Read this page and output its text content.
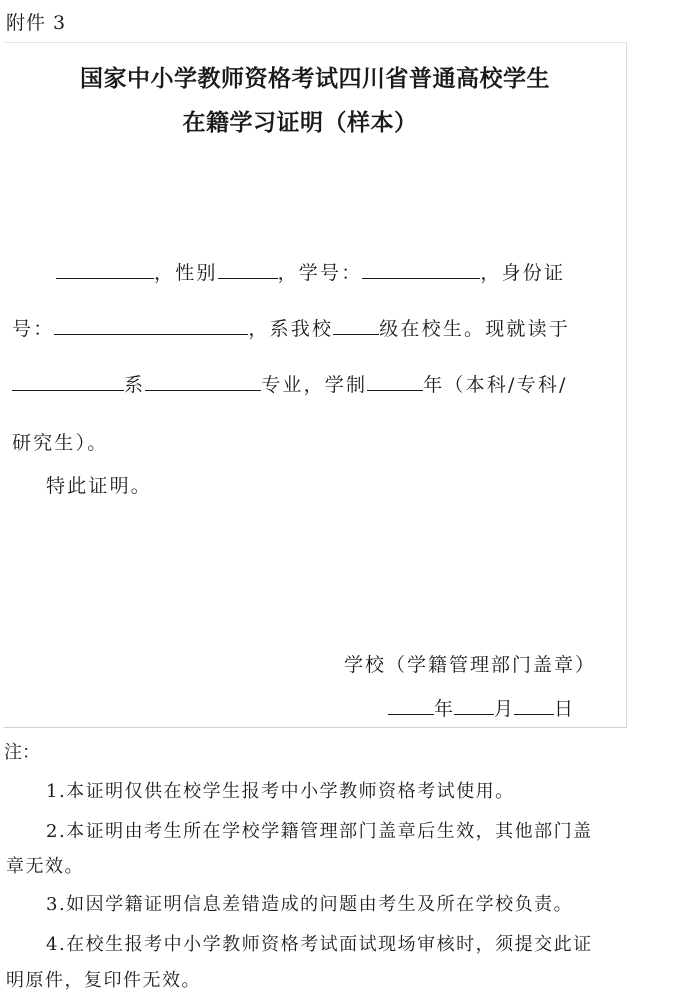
附件 3
国家中小学教师资格考试四川省普通高校学生
在籍学习证明（样本）
，性别	，学号：	，身份证
号：	，系我校 级在校生。现就读于
系	专业，学制	年（本科/专科/
研究生）。
特此证明。
学校（学籍管理部门盖章）
年 月 日
注：
1.本证明仅供在校学生报考中小学教师资格考试使用。
2.本证明由考生所在学校学籍管理部门盖章后生效，其他部门盖
章无效。
3.如因学籍证明信息差错造成的问题由考生及所在学校负责。
4.在校生报考中小学教师资格考试面试现场审核时，须提交此证
明原件，复印件无效。
